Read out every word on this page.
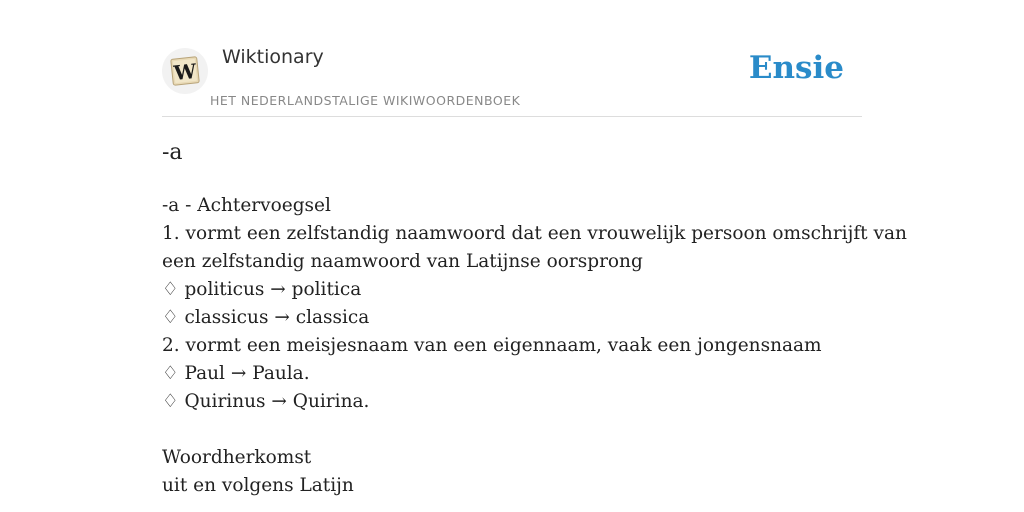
W
Wiktionary
HET NEDERLANDSTALIGE WIKIWOORDENBOEK
Ensie
-a
-a - Achtervoegsel
1. vormt een zelfstandig naamwoord dat een vrouwelijk persoon omschrijft van
een zelfstandig naamwoord van Latijnse oorsprong
♢ politicus → politica
♢ classicus → classica
2. vormt een meisjesnaam van een eigennaam, vaak een jongensnaam
♢ Paul → Paula.
♢ Quirinus → Quirina.
Woordherkomst
uit en volgens Latijn
